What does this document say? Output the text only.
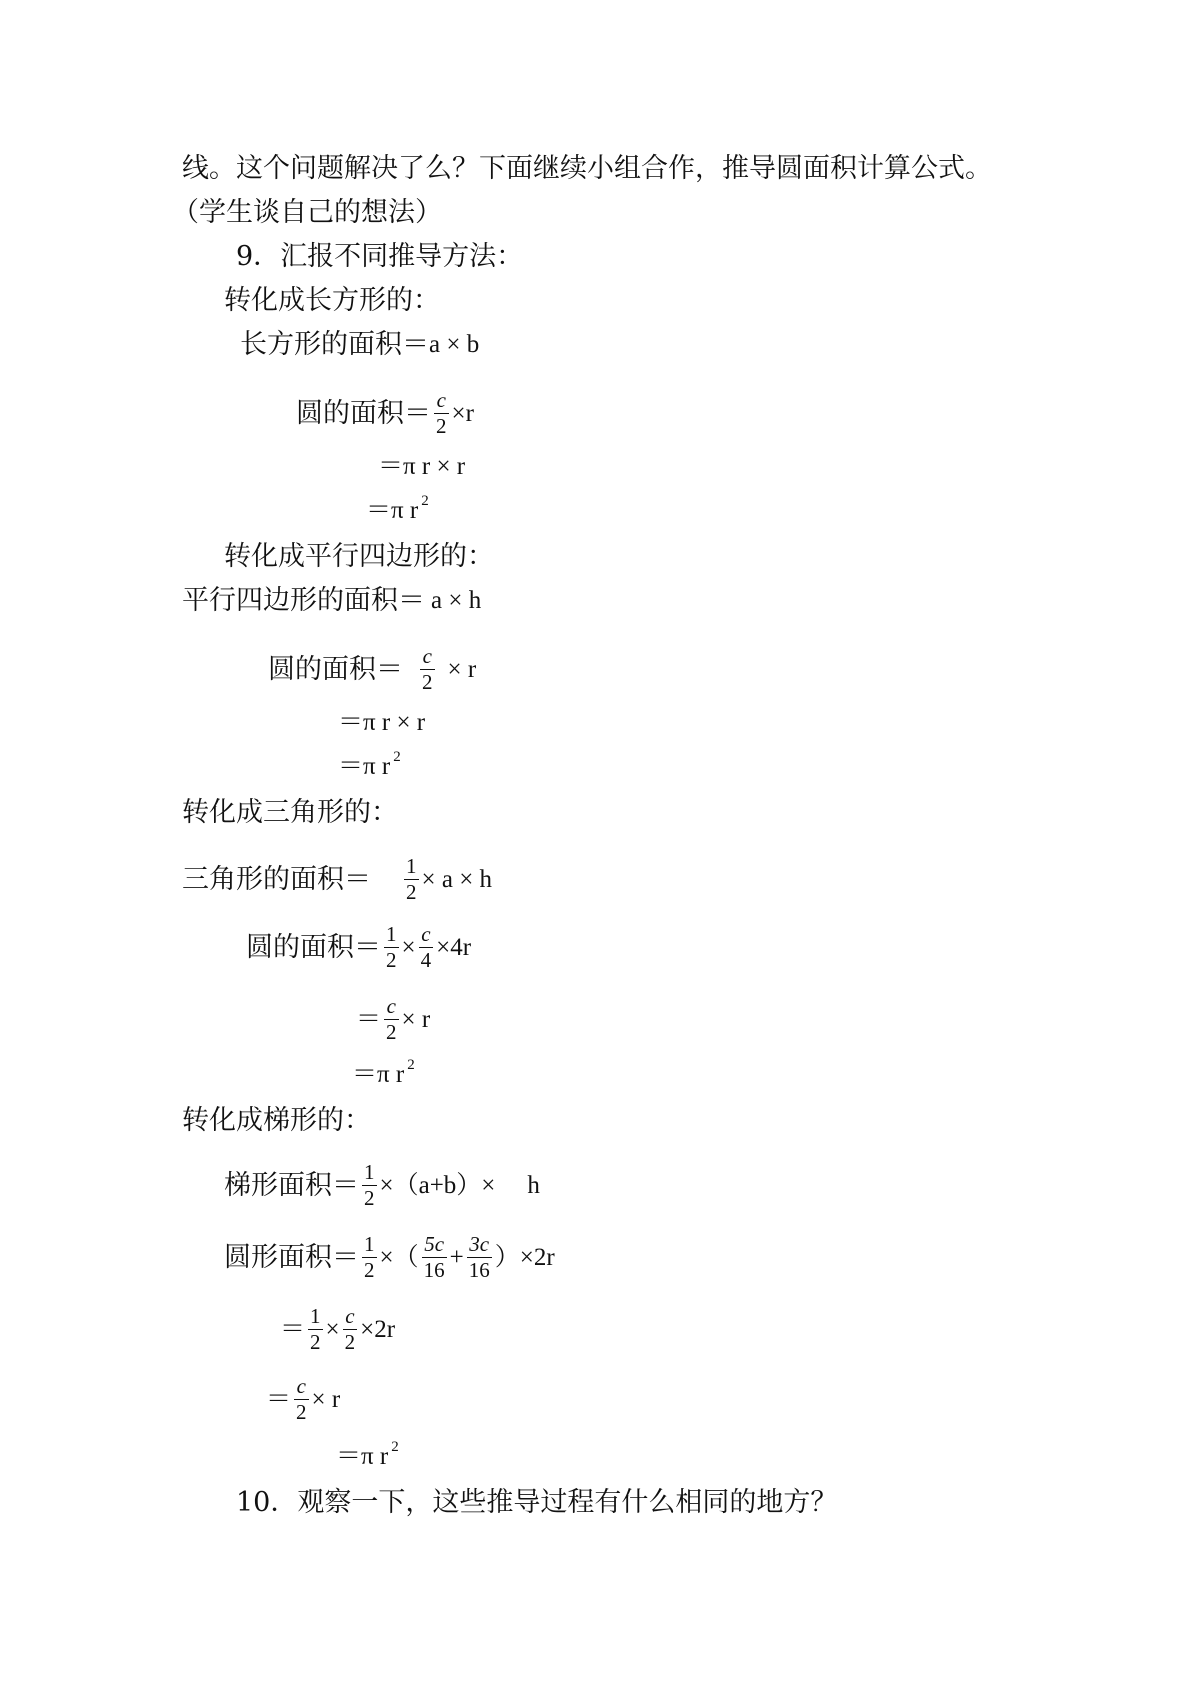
线。这个问题解决了么？下面继续小组合作，推导圆面积计算公式。
（学生谈自己的想法）
9．汇报不同推导方法：
转化成长方形的：
长方形的面积＝ a × b
圆的面积＝ $\frac{c}{2} \times r$
＝π r × r
＝π r 2
转化成平行四边形的：
平行四边形的面积＝ a × h
圆的面积＝ $\frac{c}{2} \times r$
＝π r × r
＝π r 2
转化成三角形的：
三角形的面积＝ $\frac{1}{2} \times a \times h$
圆的面积＝ $\frac{1}{2} \times \frac{c}{4} \times 4r$
＝ $\frac{c}{2} \times r$
＝π r 2
转化成梯形的：
梯形面积＝ $\frac{1}{2} \times(a+b)\times h$
圆形面积＝ $\frac{1}{2}$ ×（ $\frac{5c}{16} + \frac{3c}{16} )\times 2r$
＝ $\frac{1}{2} \times \frac{c}{2} \times 2r$
＝ $\frac{c}{2} \times r$
＝π r 2
10．观察一下，这些推导过程有什么相同的地方？
